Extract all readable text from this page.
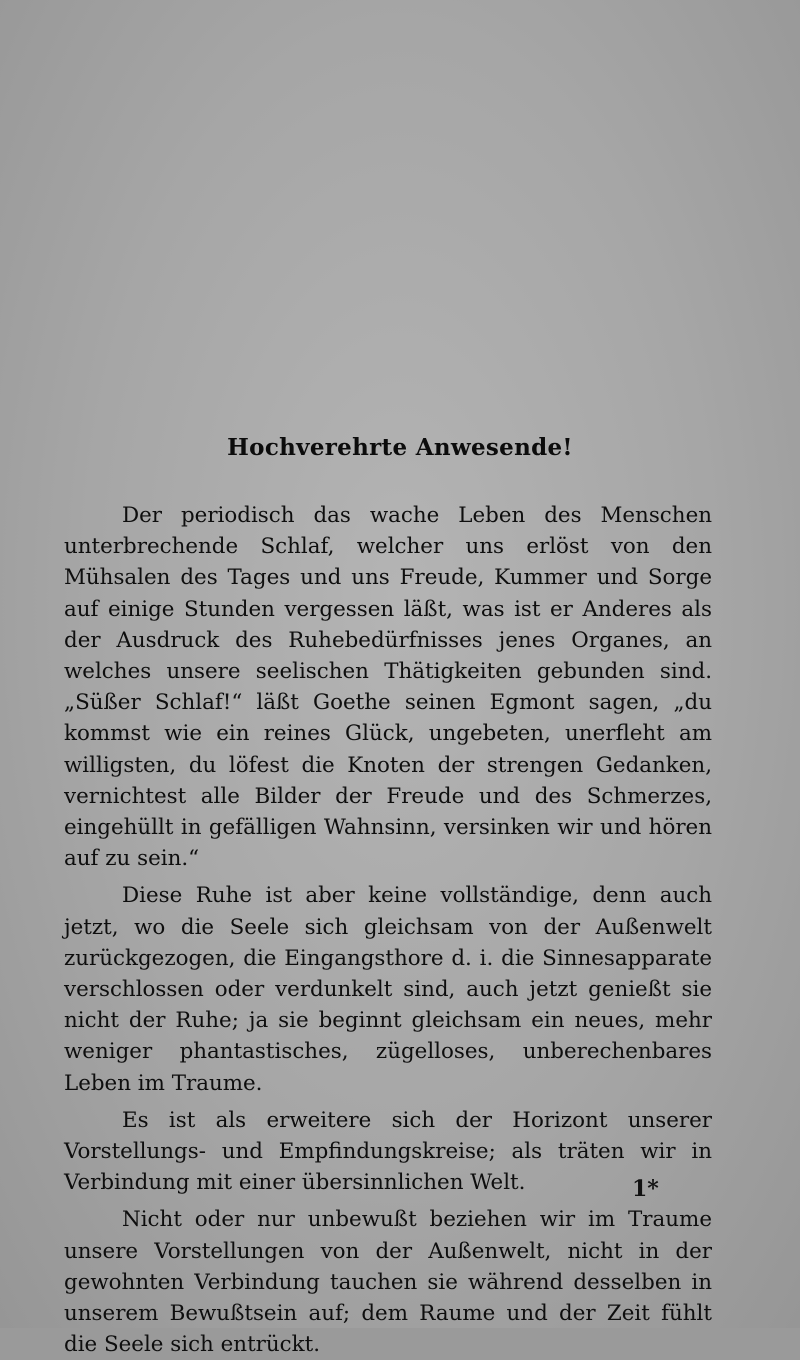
Hochverehrte Anwesende!

Der periodisch das wache Leben des Menschen unterbrechende Schlaf, welcher uns erlöst von den Mühsalen des Tages und uns Freude, Kummer und Sorge auf einige Stunden vergessen läßt, was ist er Anderes als der Ausdruck des Ruhebedürfnisses jenes Organes, an welches unsere seelischen Thätigkeiten gebunden sind. „Süßer Schlaf!“ läßt Goethe seinen Egmont sagen, „du kommst wie ein reines Glück, ungebeten, unerfleht am willigsten, du löfest die Knoten der strengen Gedanken, vernichtest alle Bilder der Freude und des Schmerzes, eingehüllt in gefälligen Wahnsinn, versinken wir und hören auf zu sein.“

Diese Ruhe ist aber keine vollständige, denn auch jetzt, wo die Seele sich gleichsam von der Außenwelt zurückgezogen, die Eingangsthore d. i. die Sinnesapparate verschlossen oder verdunkelt sind, auch jetzt genießt sie nicht der Ruhe; ja sie beginnt gleichsam ein neues, mehr weniger phantastisches, zügelloses, unberechenbares Leben im Traume.

Es ist als erweitere sich der Horizont unserer Vorstellungs- und Empfindungskreise; als träten wir in Verbindung mit einer übersinnlichen Welt.

Nicht oder nur unbewußt beziehen wir im Traume unsere Vorstellungen von der Außenwelt, nicht in der gewohnten Verbindung tauchen sie während desselben in unserem Bewußtsein auf; dem Raume und der Zeit fühlt die Seele sich entrückt.

1*
